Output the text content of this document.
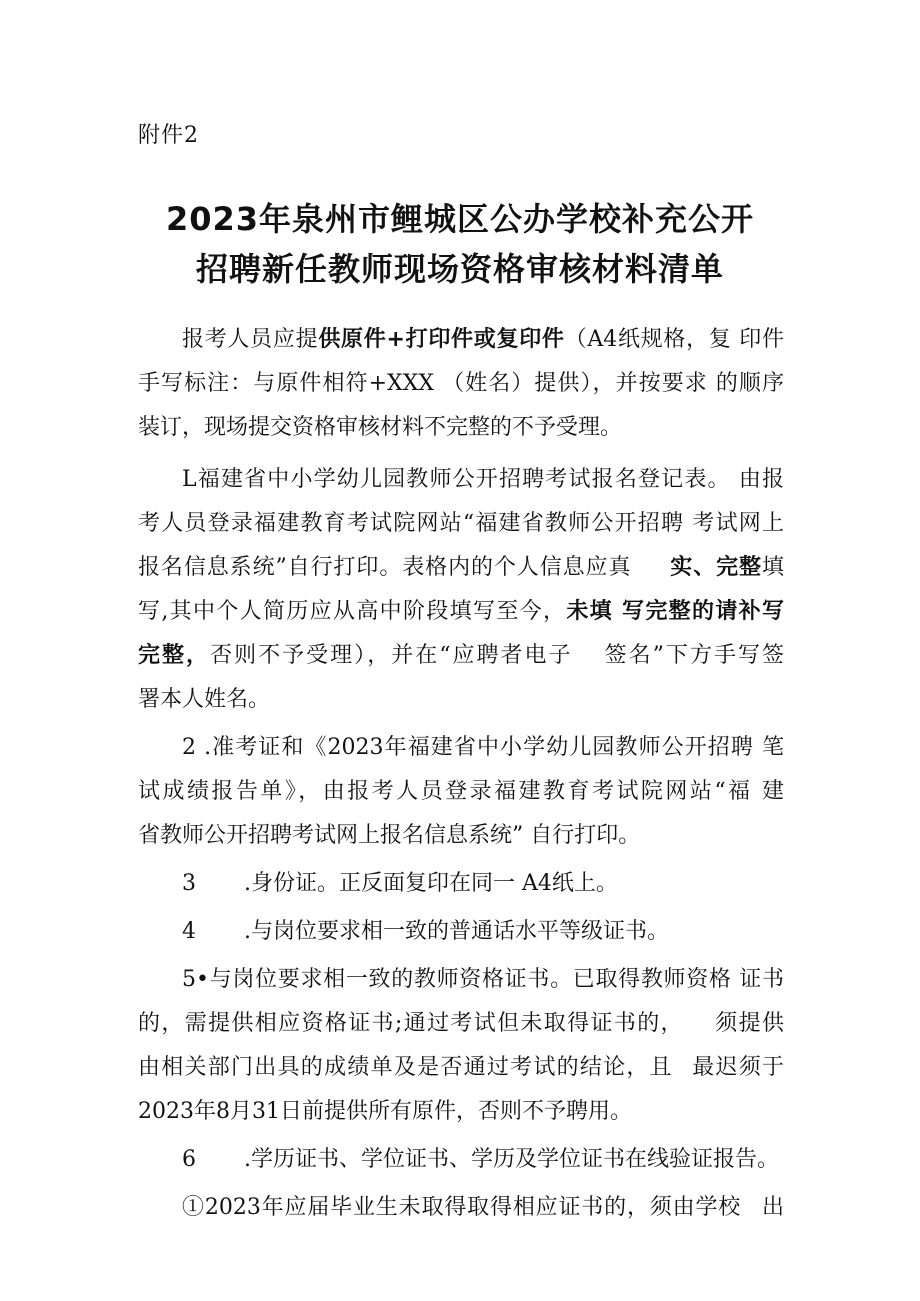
附件2
2023年泉州市鲤城区公办学校补充公开
招聘新任教师现场资格审核材料清单
报考人员应提供原件+打印件或复印件（A4纸规格，复 印件
手写标注：与原件相符+XXX （姓名）提供），并按要求 的顺序
装订，现场提交资格审核材料不完整的不予受理。
L福建省中小学幼儿园教师公开招聘考试报名登记表。 由报
考人员登录福建教育考试院网站“福建省教师公开招聘 考试网上
报名信息系统”自行打印。表格内的个人信息应真 实、完整填
写,其中个人简历应从高中阶段填写至今，未填 写完整的请补写
完整，否则不予受理），并在“应聘者电子 签名”下方手写签
署本人姓名。
2 .准考证和《2023年福建省中小学幼儿园教师公开招聘 笔
试成绩报告单》，由报考人员登录福建教育考试院网站“福 建
省教师公开招聘考试网上报名信息系统” 自行打印。
3 .身份证。正反面复印在同一 A4纸上。
4 .与岗位要求相一致的普通话水平等级证书。
5•与岗位要求相一致的教师资格证书。已取得教师资格 证书
的，需提供相应资格证书;通过考试但未取得证书的， 须提供
由相关部门出具的成绩单及是否通过考试的结论，且 最迟须于
2023年8月31日前提供所有原件，否则不予聘用。
6 .学历证书、学位证书、学历及学位证书在线验证报告。
①2023年应届毕业生未取得取得相应证书的，须由学校 出
